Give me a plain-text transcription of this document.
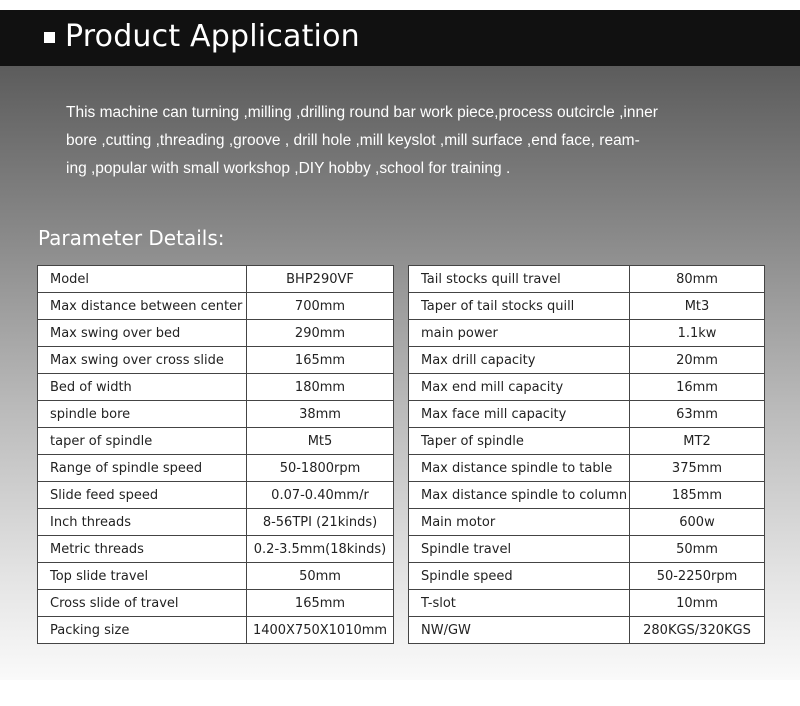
Product Application
This machine can turning ,milling ,drilling round bar work piece,process outcircle ,inner
bore ,cutting ,threading ,groove , drill hole ,mill keyslot ,mill surface ,end face, ream-
ing ,popular with small workshop ,DIY hobby ,school for training .
Parameter Details:
Model	BHP290VF
Max distance between center	700mm
Max swing over bed	290mm
Max swing over cross slide	165mm
Bed of width	180mm
spindle bore	38mm
taper of spindle	Mt5
Range of spindle speed	50-1800rpm
Slide feed speed	0.07-0.40mm/r
Inch threads	8-56TPI (21kinds)
Metric threads	0.2-3.5mm(18kinds)
Top slide travel	50mm
Cross slide of travel	165mm
Packing size	1400X750X1010mm
Tail stocks quill travel	80mm
Taper of tail stocks quill	Mt3
main power	1.1kw
Max drill capacity	20mm
Max end mill capacity	16mm
Max face mill capacity	63mm
Taper of spindle	MT2
Max distance spindle to table	375mm
Max distance spindle to column	185mm
Main motor	600w
Spindle travel	50mm
Spindle speed	50-2250rpm
T-slot	10mm
NW/GW	280KGS/320KGS
